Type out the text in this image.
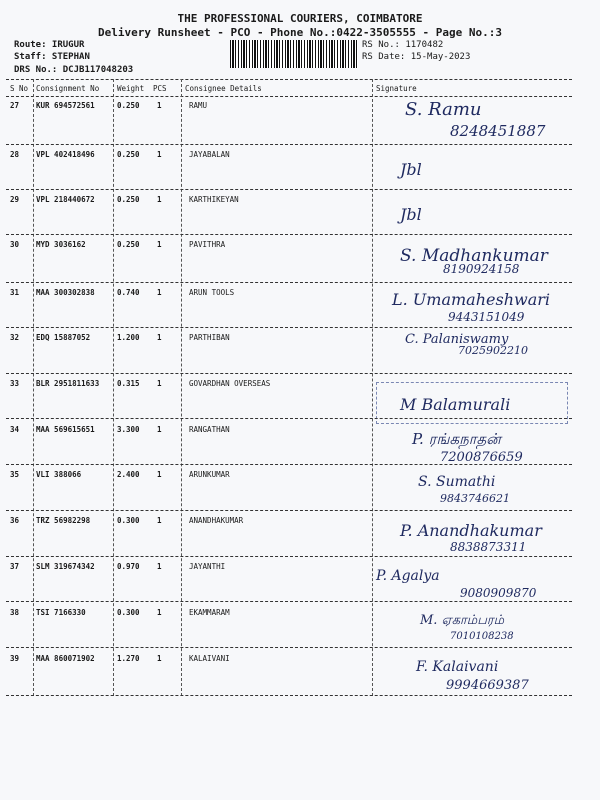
THE PROFESSIONAL COURIERS, COIMBATORE
Delivery Runsheet - PCO - Phone No.:0422-3505555 - Page No.:3
Route: IRUGUR
Staff: STEPHAN
DRS No.: DCJB117048203
RS No.: 1170482
RS Date: 15-May-2023
S No Consignment No Weight PCS Consignee Details	Signature
27 KUR 694572561	0.250 1	RAMU	S. Ramu
8248451887
28 VPL 402418496	0.250 1	JAYABALAN
Jbl
29 VPL 218440672	0.250 1	KARTHIKEYAN
Jbl
30 MYD 3036162	0.250 1	PAVITHRA
S. Madhankumar
8190924158
31 MAA 300302838	0.740 1	ARUN TOOLS	L. Umamaheshwari
9443151049
32 EDQ 15887052	1.200 1	PARTHIBAN	C. Palaniswamy
7025902210
33 BLR 2951811633 0.315 1	GOVARDHAN OVERSEAS
M Balamurali
34 MAA 569615651	3.300 1	RANGATHAN
P. ரங்கநாதன்
7200876659
35 VLI 388066	2.400 1	ARUNKUMAR	S. Sumathi
9843746621
36 TRZ 56982298	0.300 1	ANANDHAKUMAR
P. Anandhakumar
8838873311
37 SLM 319674342	0.970 1	JAYANTHI
P. Agalya
9080909870
38 TSI 7166330	0.300 1	EKAMMARAM
M. ஏகாம்பரம்
7010108238
39 MAA 860071902	1.270 1	KALAIVANI
F. Kalaivani
9994669387
